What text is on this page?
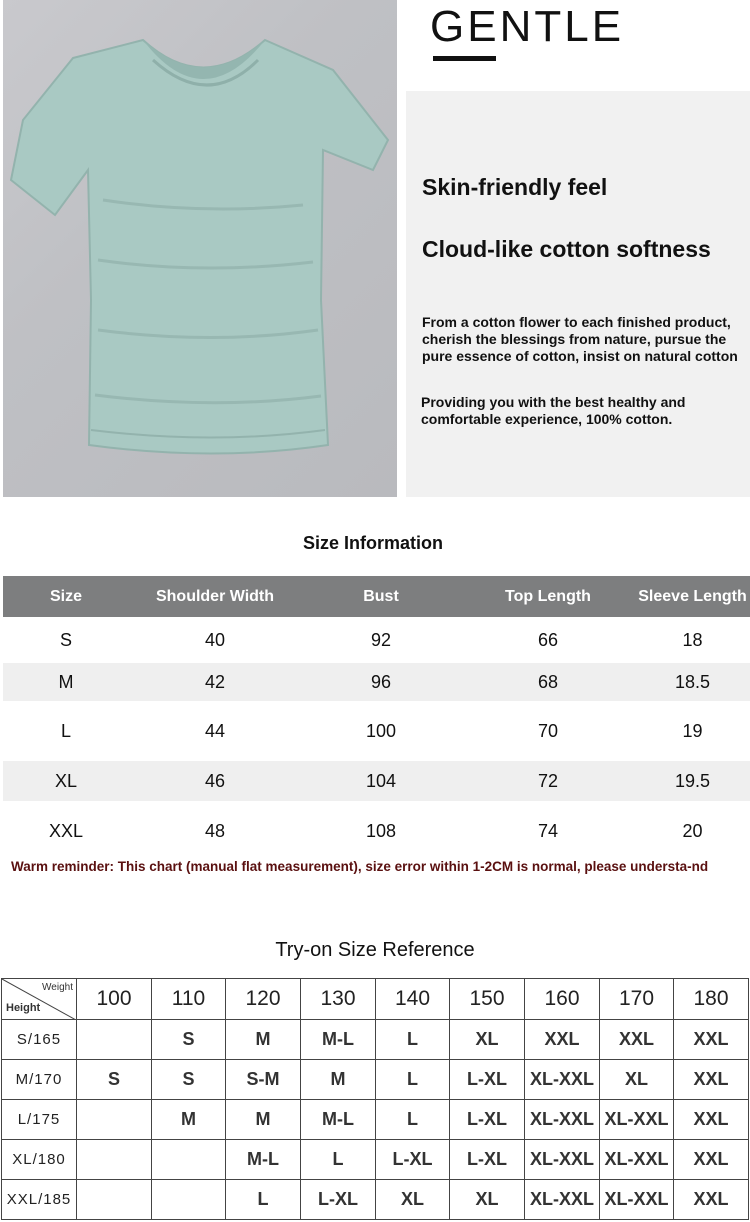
GENTLE
Skin-friendly feel
Cloud-like cotton softness
From a cotton flower to each finished product, cherish the blessings from nature, pursue the pure essence of cotton, insist on natural cotton
Providing you with the best healthy and comfortable experience, 100% cotton.
Size Information
Size	Shoulder Width	Bust	Top Length	Sleeve Length
S	40	92	66	18
M	42	96	68	18.5
L	44	100	70	19
XL	46	104	72	19.5
XXL	48	108	74	20
Warm reminder: This chart (manual flat measurement), size error within 1-2CM is normal, please understa-nd
Try-on Size Reference
Weight
Height	100	110	120	130	140	150	160	170	180
S/165		S	M	M-L	L	XL	XXL	XXL	XXL
M/170	S	S	S-M	M	L	L-XL	XL-XXL	XL	XXL
L/175		M	M	M-L	L	L-XL	XL-XXL	XL-XXL	XXL
XL/180			M-L	L	L-XL	L-XL	XL-XXL	XL-XXL	XXL
XXL/185			L	L-XL	XL	XL	XL-XXL	XL-XXL	XXL
